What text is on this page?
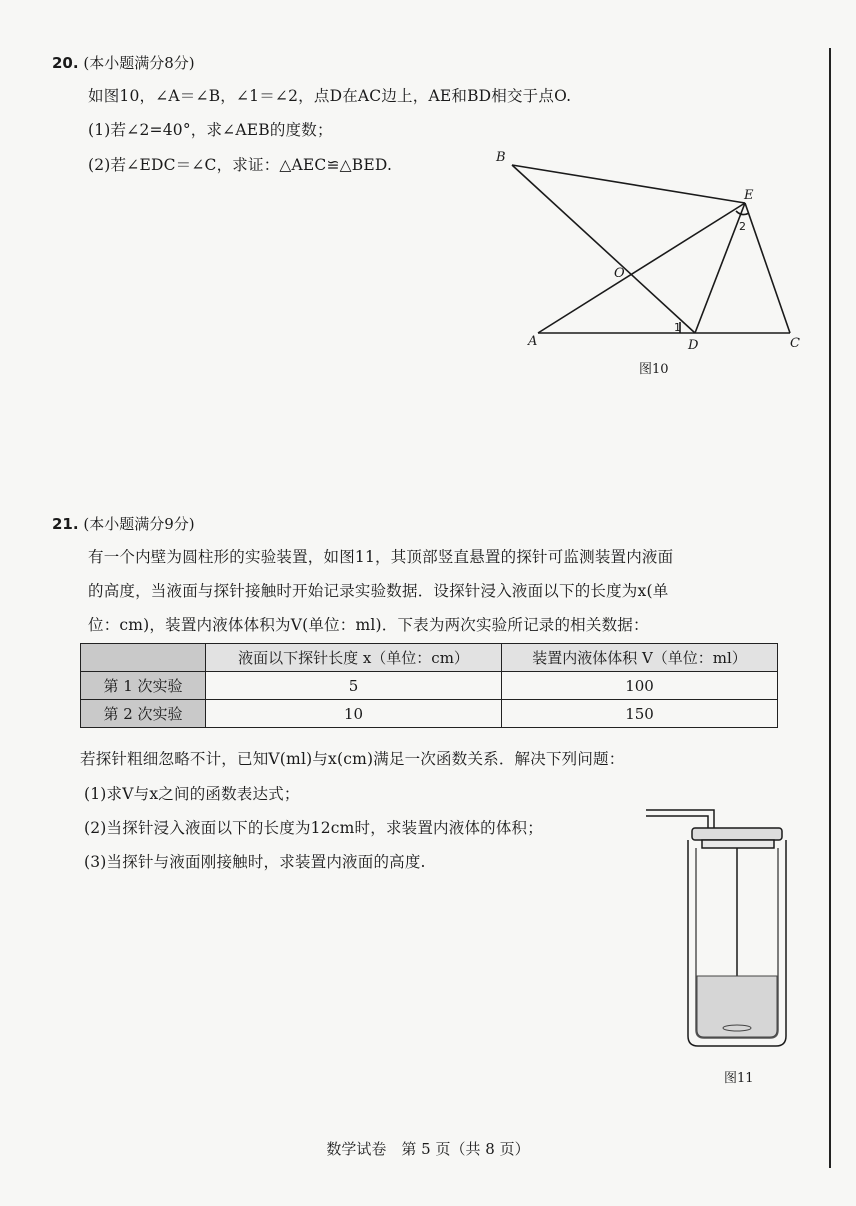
20. (本小题满分8分)
如图10，∠A＝∠B，∠1＝∠2，点D在AC边上，AE和BD相交于点O.
(1)若∠2=40°，求∠AEB的度数；
(2)若∠EDC＝∠C，求证：△AEC≌△BED.	B
E
O
A	D	C
1
2
图10
21. (本小题满分9分)
有一个内壁为圆柱形的实验装置，如图11，其顶部竖直悬置的探针可监测装置内液面
的高度，当液面与探针接触时开始记录实验数据．设探针浸入液面以下的长度为x(单
位：cm)，装置内液体体积为V(单位：ml)．下表为两次实验所记录的相关数据：
	液面以下探针长度 x（单位：cm）	装置内液体体积 V（单位：ml）
第 1 次实验	5	100
第 2 次实验	10	150
若探针粗细忽略不计，已知V(ml)与x(cm)满足一次函数关系．解决下列问题：
(1)求V与x之间的函数表达式；
(2)当探针浸入液面以下的长度为12cm时，求装置内液体的体积；
(3)当探针与液面刚接触时，求装置内液面的高度.
图11
数学试卷　第 5 页（共 8 页）
